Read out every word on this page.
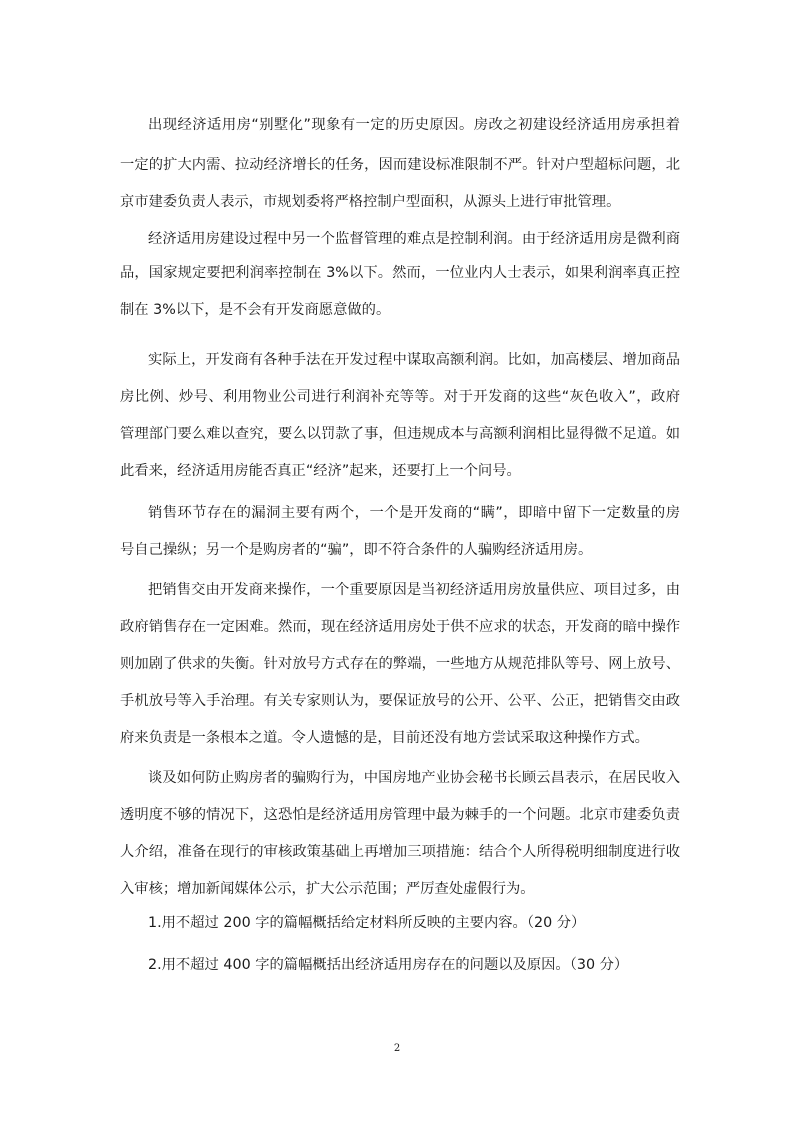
出现经济适用房“别墅化”现象有一定的历史原因。房改之初建设经济适用房承担着
一定的扩大内需、拉动经济增长的任务，因而建设标准限制不严。针对户型超标问题，北
京市建委负责人表示，市规划委将严格控制户型面积，从源头上进行审批管理。
经济适用房建设过程中另一个监督管理的难点是控制利润。由于经济适用房是微利商
品，国家规定要把利润率控制在 3%以下。然而，一位业内人士表示，如果利润率真正控
制在 3%以下，是不会有开发商愿意做的。
实际上，开发商有各种手法在开发过程中谋取高额利润。比如，加高楼层、增加商品
房比例、炒号、利用物业公司进行利润补充等等。对于开发商的这些“灰色收入”，政府
管理部门要么难以查究，要么以罚款了事，但违规成本与高额利润相比显得微不足道。如
此看来，经济适用房能否真正“经济”起来，还要打上一个问号。
销售环节存在的漏洞主要有两个，一个是开发商的“瞒”，即暗中留下一定数量的房
号自己操纵；另一个是购房者的“骗”，即不符合条件的人骗购经济适用房。
把销售交由开发商来操作，一个重要原因是当初经济适用房放量供应、项目过多，由
政府销售存在一定困难。然而，现在经济适用房处于供不应求的状态，开发商的暗中操作
则加剧了供求的失衡。针对放号方式存在的弊端，一些地方从规范排队等号、网上放号、
手机放号等入手治理。有关专家则认为，要保证放号的公开、公平、公正，把销售交由政
府来负责是一条根本之道。令人遗憾的是，目前还没有地方尝试采取这种操作方式。
谈及如何防止购房者的骗购行为，中国房地产业协会秘书长顾云昌表示，在居民收入
透明度不够的情况下，这恐怕是经济适用房管理中最为棘手的一个问题。北京市建委负责
人介绍，准备在现行的审核政策基础上再增加三项措施：结合个人所得税明细制度进行收
入审核；增加新闻媒体公示，扩大公示范围；严厉查处虚假行为。
1.用不超过 200 字的篇幅概括给定材料所反映的主要内容。（20 分）
2.用不超过 400 字的篇幅概括出经济适用房存在的问题以及原因。（30 分）
2
